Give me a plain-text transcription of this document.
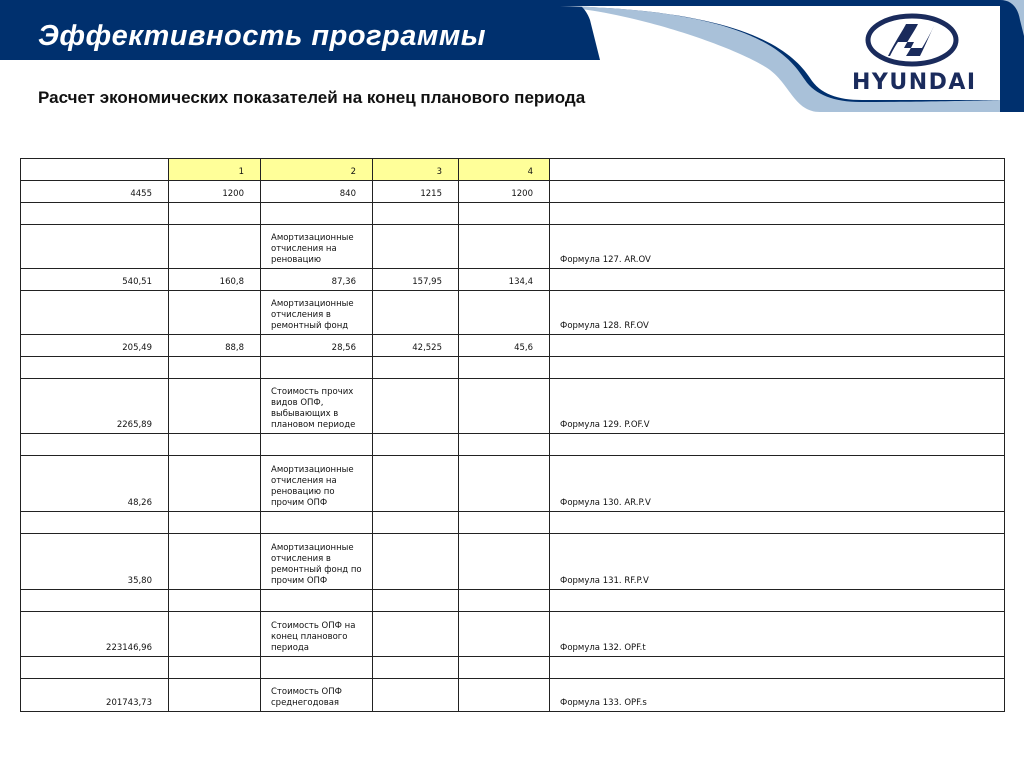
Эффективность программы
HYUNDAI
Расчет экономических показателей на конец планового периода
	1	2	3	4	
4455	1200	840	1215	1200	

		Амортизационные отчисления на реновацию			Формула 127. AR.OV
540,51	160,8	87,36	157,95	134,4	
		Амортизационные отчисления в ремонтный фонд			Формула 128. RF.OV
205,49	88,8	28,56	42,525	45,6	

2265,89		Стоимость прочих видов ОПФ, выбывающих в плановом периоде			Формула 129. P.OF.V

48,26		Амортизационные отчисления на реновацию по прочим ОПФ			Формула 130. AR.P.V

35,80		Амортизационные отчисления в ремонтный фонд по прочим ОПФ			Формула 131. RF.P.V

223146,96		Стоимость ОПФ на конец планового периода			Формула 132. OPF.t

201743,73		Стоимость ОПФ среднегодовая			Формула 133. OPF.s
